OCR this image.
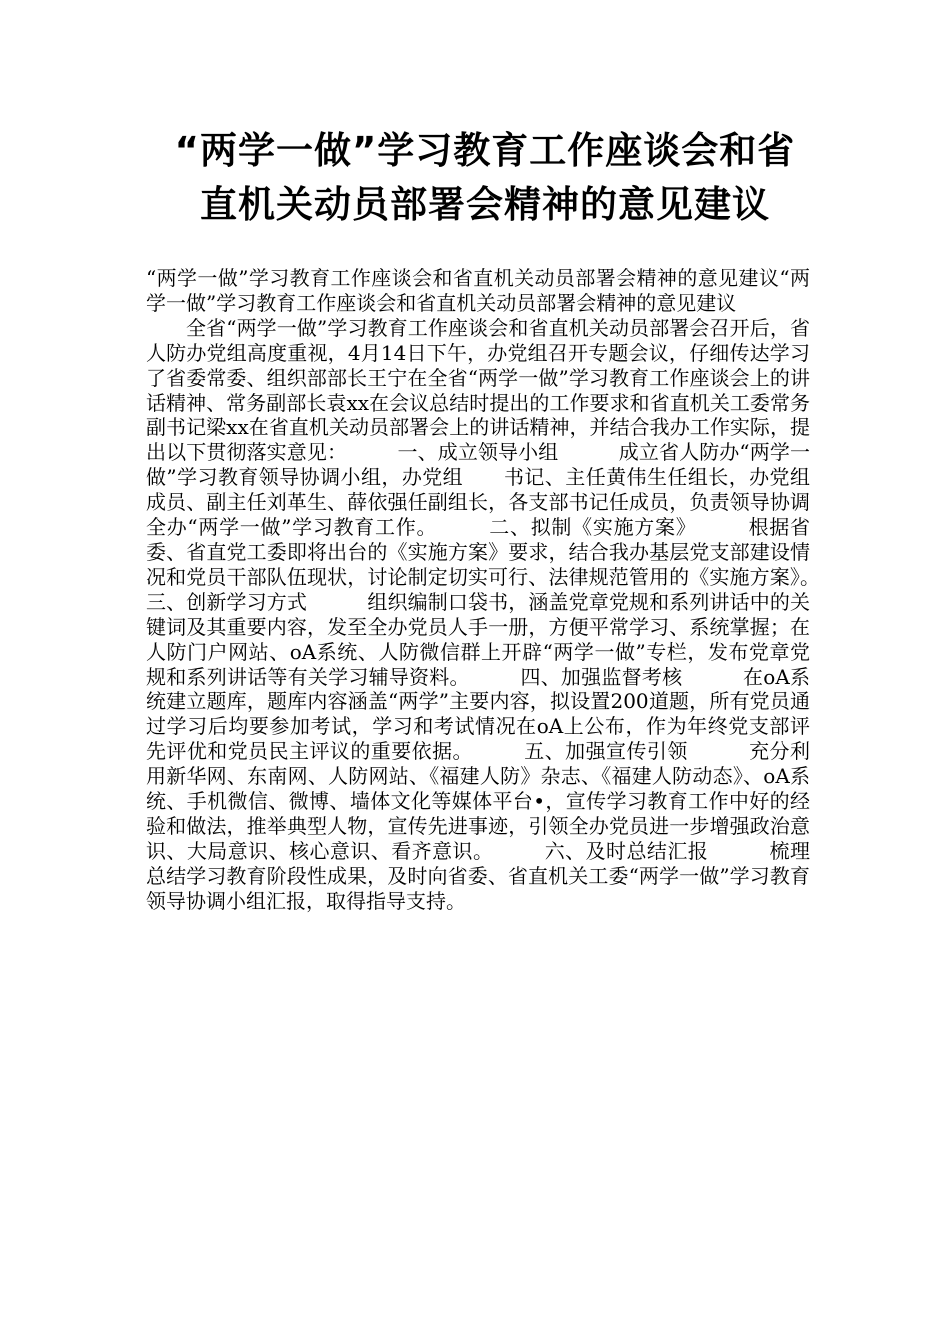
“两学一做”学习教育工作座谈会和省
直机关动员部署会精神的意见建议

“两学一做”学习教育工作座谈会和省直机关动员部署会精神的意见建议“两学一做”学习教育工作座谈会和省直机关动员部署会精神的意见建议

全省“两学一做”学习教育工作座谈会和省直机关动员部署会召开后，省人防办党组高度重视，4月14日下午，办党组召开专题会议，仔细传达学习了省委常委、组织部部长王宁在全省“两学一做”学习教育工作座谈会上的讲话精神、常务副部长袁xx在会议总结时提出的工作要求和省直机关工委常务副书记梁xx在省直机关动员部署会上的讲话精神，并结合我办工作实际，提出以下贯彻落实意见：　　　一、成立领导小组　　　成立省人防办“两学一做”学习教育领导协调小组，办党组　　书记、主任黄伟生任组长，办党组成员、副主任刘革生、薛依强任副组长，各支部书记任成员，负责领导协调全办“两学一做”学习教育工作。　　　二、拟制《实施方案》　　　根据省委、省直党工委即将出台的《实施方案》要求，结合我办基层党支部建设情况和党员干部队伍现状，讨论制定切实可行、法律规范管用的《实施方案》。　　　三、创新学习方式　　　组织编制口袋书，涵盖党章党规和系列讲话中的关键词及其重要内容，发至全办党员人手一册，方便平常学习、系统掌握；在人防门户网站、oA系统、人防微信群上开辟“两学一做”专栏，发布党章党规和系列讲话等有关学习辅导资料。　　　四、加强监督考核　　　在oA系统建立题库，题库内容涵盖“两学”主要内容，拟设置200道题，所有党员通过学习后均要参加考试，学习和考试情况在oA上公布，作为年终党支部评先评优和党员民主评议的重要依据。　　　五、加强宣传引领　　　充分利用新华网、东南网、人防网站、《福建人防》杂志、《福建人防动态》、oA系统、手机微信、微博、墙体文化等媒体平台•，宣传学习教育工作中好的经验和做法，推举典型人物，宣传先进事迹，引领全办党员进一步增强政治意识、大局意识、核心意识、看齐意识。　　　六、及时总结汇报　　　梳理总结学习教育阶段性成果，及时向省委、省直机关工委“两学一做”学习教育领导协调小组汇报，取得指导支持。
